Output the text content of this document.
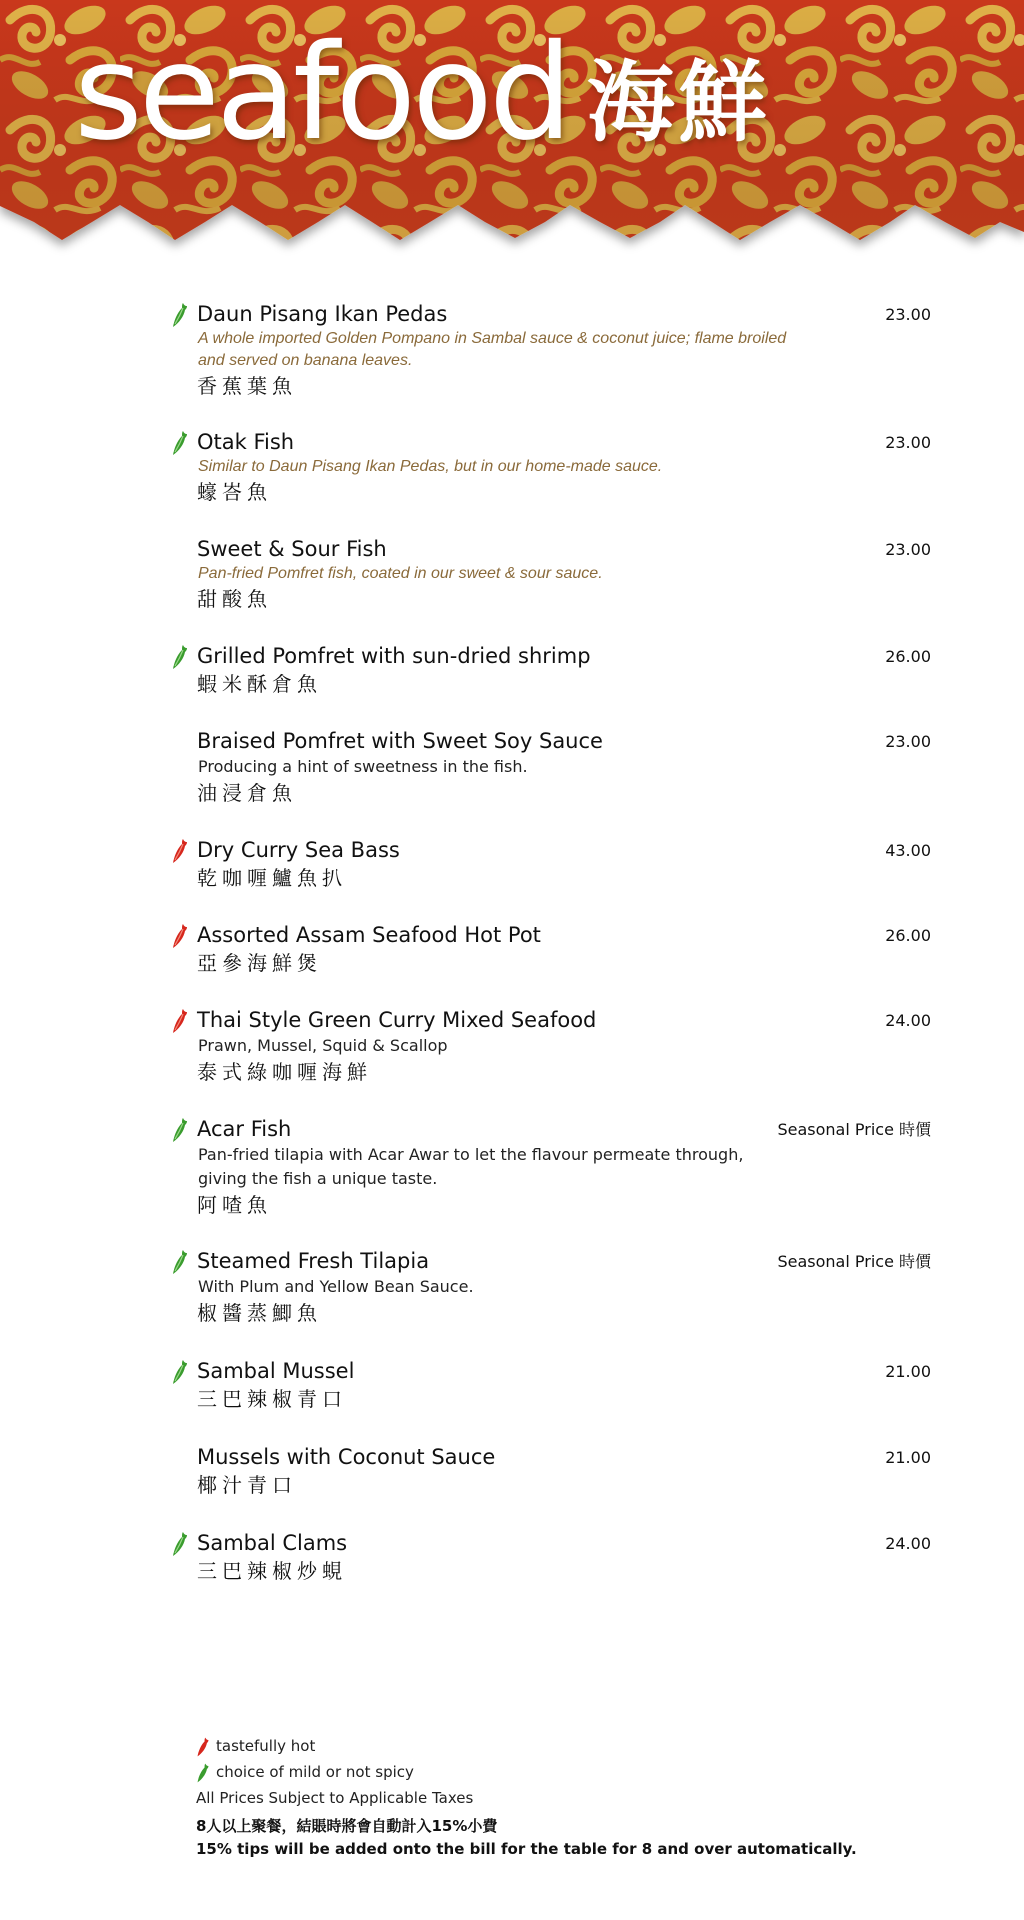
seafood 海鮮
Daun Pisang Ikan Pedas	23.00
A whole imported Golden Pompano in Sambal sauce & coconut juice; flame broiled and served on banana leaves.
香蕉葉魚
Otak Fish	23.00
Similar to Daun Pisang Ikan Pedas, but in our home-made sauce.
蠔峇魚
Sweet & Sour Fish	23.00
Pan-fried Pomfret fish, coated in our sweet & sour sauce.
甜酸魚
Grilled Pomfret with sun-dried shrimp	26.00
蝦米酥倉魚
Braised Pomfret with Sweet Soy Sauce	23.00
Producing a hint of sweetness in the fish.
油浸倉魚
Dry Curry Sea Bass	43.00
乾咖喱鱸魚扒
Assorted Assam Seafood Hot Pot	26.00
亞參海鮮煲
Thai Style Green Curry Mixed Seafood	24.00
Prawn, Mussel, Squid & Scallop
泰式綠咖喱海鮮
Acar Fish	Seasonal Price 時價
Pan-fried tilapia with Acar Awar to let the flavour permeate through, giving the fish a unique taste.
阿喳魚
Steamed Fresh Tilapia	Seasonal Price 時價
With Plum and Yellow Bean Sauce.
椒醬蒸鯽魚
Sambal Mussel	21.00
三巴辣椒青口
Mussels with Coconut Sauce	21.00
椰汁青口
Sambal Clams	24.00
三巴辣椒炒蜆
tastefully hot
choice of mild or not spicy
All Prices Subject to Applicable Taxes
8人以上聚餐，結賬時將會自動計入15%小費
15% tips will be added onto the bill for the table for 8 and over automatically.
